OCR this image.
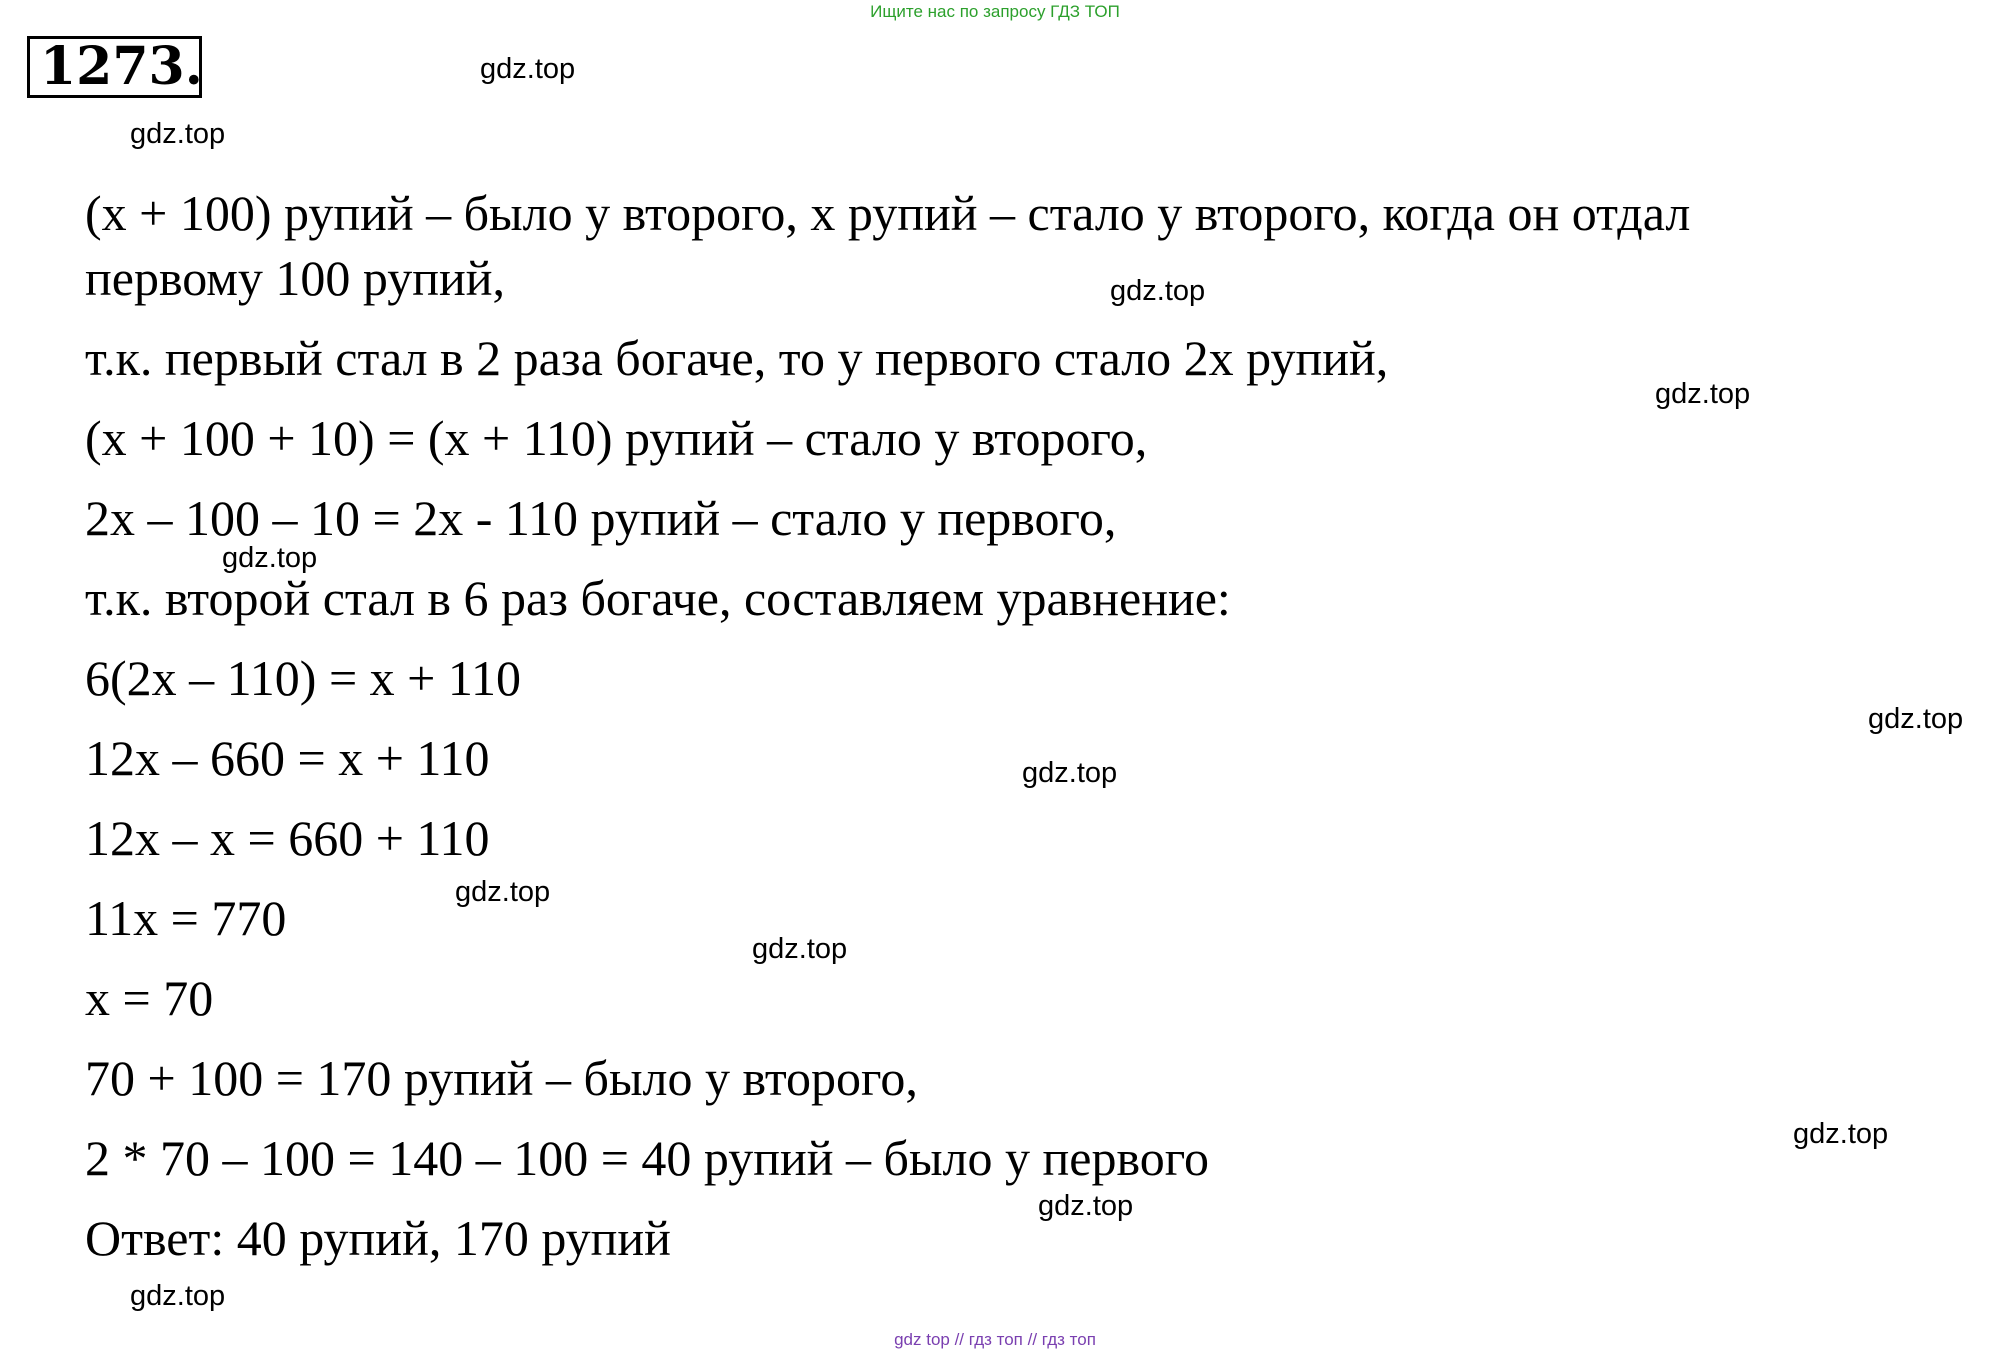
Ищите нас по запросу ГДЗ ТОП
1273.
(x + 100) рупий – было у второго, x рупий – стало у второго, когда он отдал
первому 100 рупий,
т.к. первый стал в 2 раза богаче, то у первого стало 2x рупий,
(x + 100 + 10) = (x + 110) рупий – стало у второго,
2x – 100 – 10 = 2x - 110 рупий – стало у первого,
т.к. второй стал в 6 раз богаче, составляем уравнение:
6(2x – 110) = x + 110
12x – 660 = x + 110
12x – x = 660 + 110
11x = 770
x = 70
70 + 100 = 170 рупий – было у второго,
2 * 70 – 100 = 140 – 100 = 40 рупий – было у первого
Ответ: 40 рупий, 170 рупий
gdz.top
gdz.top
gdz.top
gdz.top
gdz.top
gdz.top
gdz.top
gdz.top
gdz.top
gdz.top
gdz.top
gdz.top
gdz top // гдз топ // гдз топ
